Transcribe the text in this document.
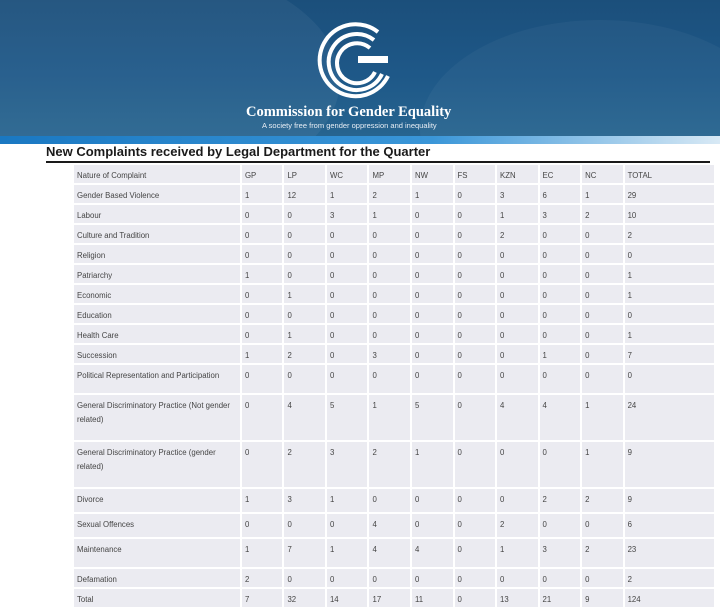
Commission for Gender Equality
A society free from gender oppression and inequality
New Complaints received by Legal Department for the Quarter
Nature of Complaint	GP	LP	WC	MP	NW	FS	KZN	EC	NC	TOTAL
Gender Based Violence	1	12	1	2	1	0	3	6	1	29
Labour	0	0	3	1	0	0	1	3	2	10
Culture and Tradition	0	0	0	0	0	0	2	0	0	2
Religion	0	0	0	0	0	0	0	0	0	0
Patriarchy	1	0	0	0	0	0	0	0	0	1
Economic	0	1	0	0	0	0	0	0	0	1
Education	0	0	0	0	0	0	0	0	0	0
Health Care	0	1	0	0	0	0	0	0	0	1
Succession	1	2	0	3	0	0	0	1	0	7
Political Representation and Participation	0	0	0	0	0	0	0	0	0	0
General Discriminatory Practice (Not gender related)	0	4	5	1	5	0	4	4	1	24
General Discriminatory Practice (gender related)	0	2	3	2	1	0	0	0	1	9
Divorce	1	3	1	0	0	0	0	2	2	9
Sexual Offences	0	0	0	4	0	0	2	0	0	6
Maintenance	1	7	1	4	4	0	1	3	2	23
Defamation	2	0	0	0	0	0	0	0	0	2
Total	7	32	14	17	11	0	13	21	9	124
